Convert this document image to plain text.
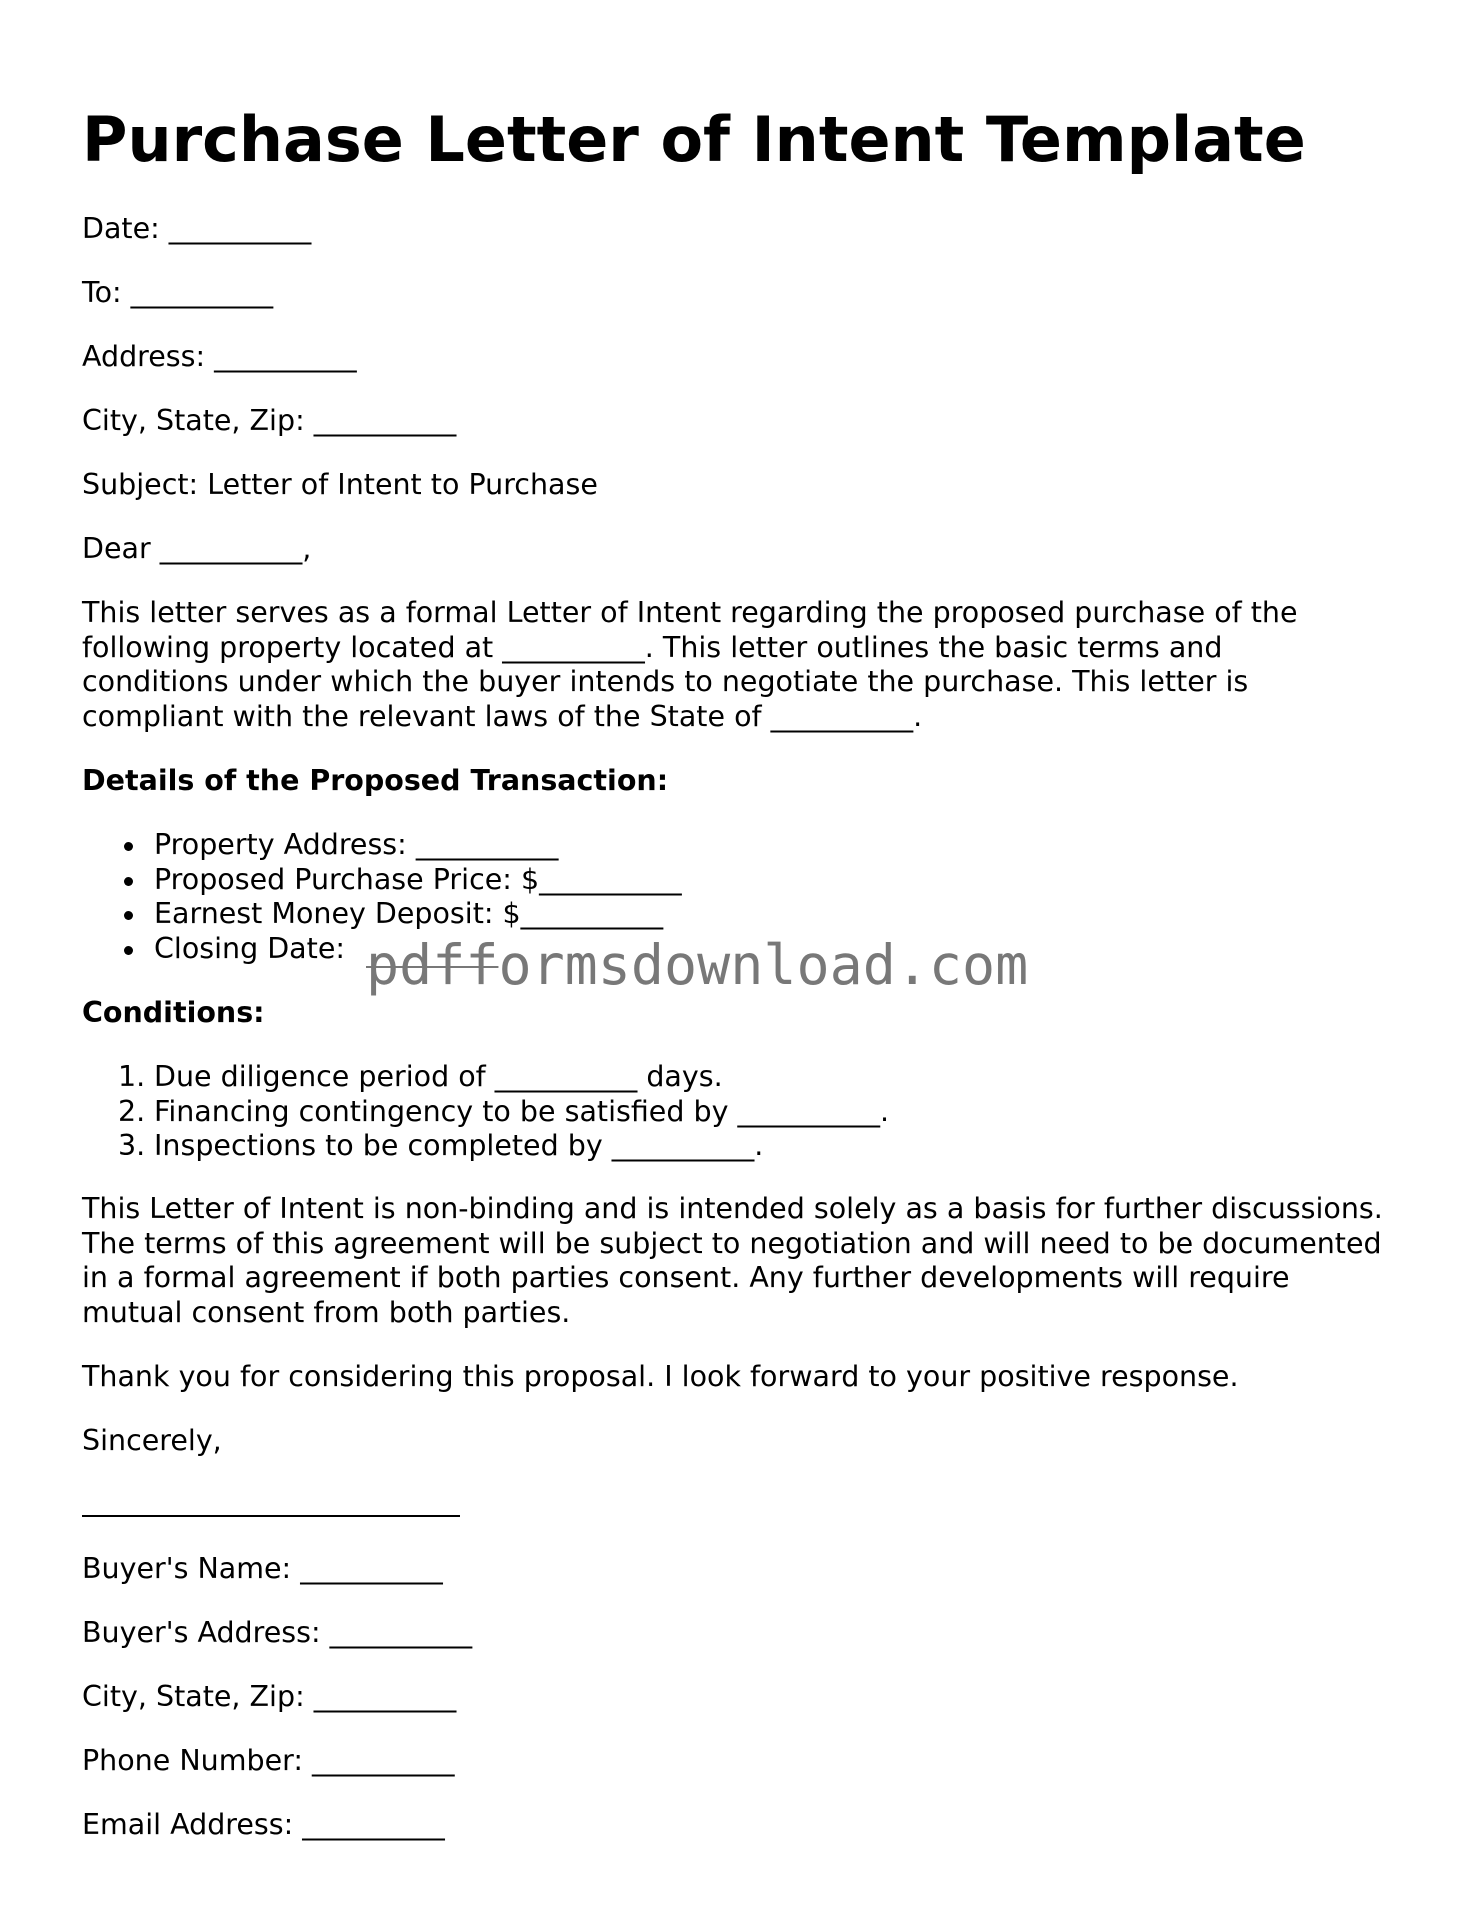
Purchase Letter of Intent Template

Date: __________

To: __________

Address: __________

City, State, Zip: __________

Subject: Letter of Intent to Purchase

Dear __________,

This letter serves as a formal Letter of Intent regarding the proposed purchase of the
following property located at __________. This letter outlines the basic terms and
conditions under which the buyer intends to negotiate the purchase. This letter is
compliant with the relevant laws of the State of __________.

Details of the Proposed Transaction:

Property Address: __________
Proposed Purchase Price: $__________
Earnest Money Deposit: $__________
Closing Date:

Conditions:

1. Due diligence period of __________ days.
2. Financing contingency to be satisfied by __________.
3. Inspections to be completed by __________.
This Letter of Intent is non-binding and is intended solely as a basis for further discussions.
The terms of this agreement will be subject to negotiation and will need to be documented
in a formal agreement if both parties consent. Any further developments will require
mutual consent from both parties.

Thank you for considering this proposal. I look forward to your positive response.

Sincerely,

Buyer's Name: __________

Buyer's Address: __________

City, State, Zip: __________

Phone Number: __________

Email Address: __________

pdfformsdownload.com
